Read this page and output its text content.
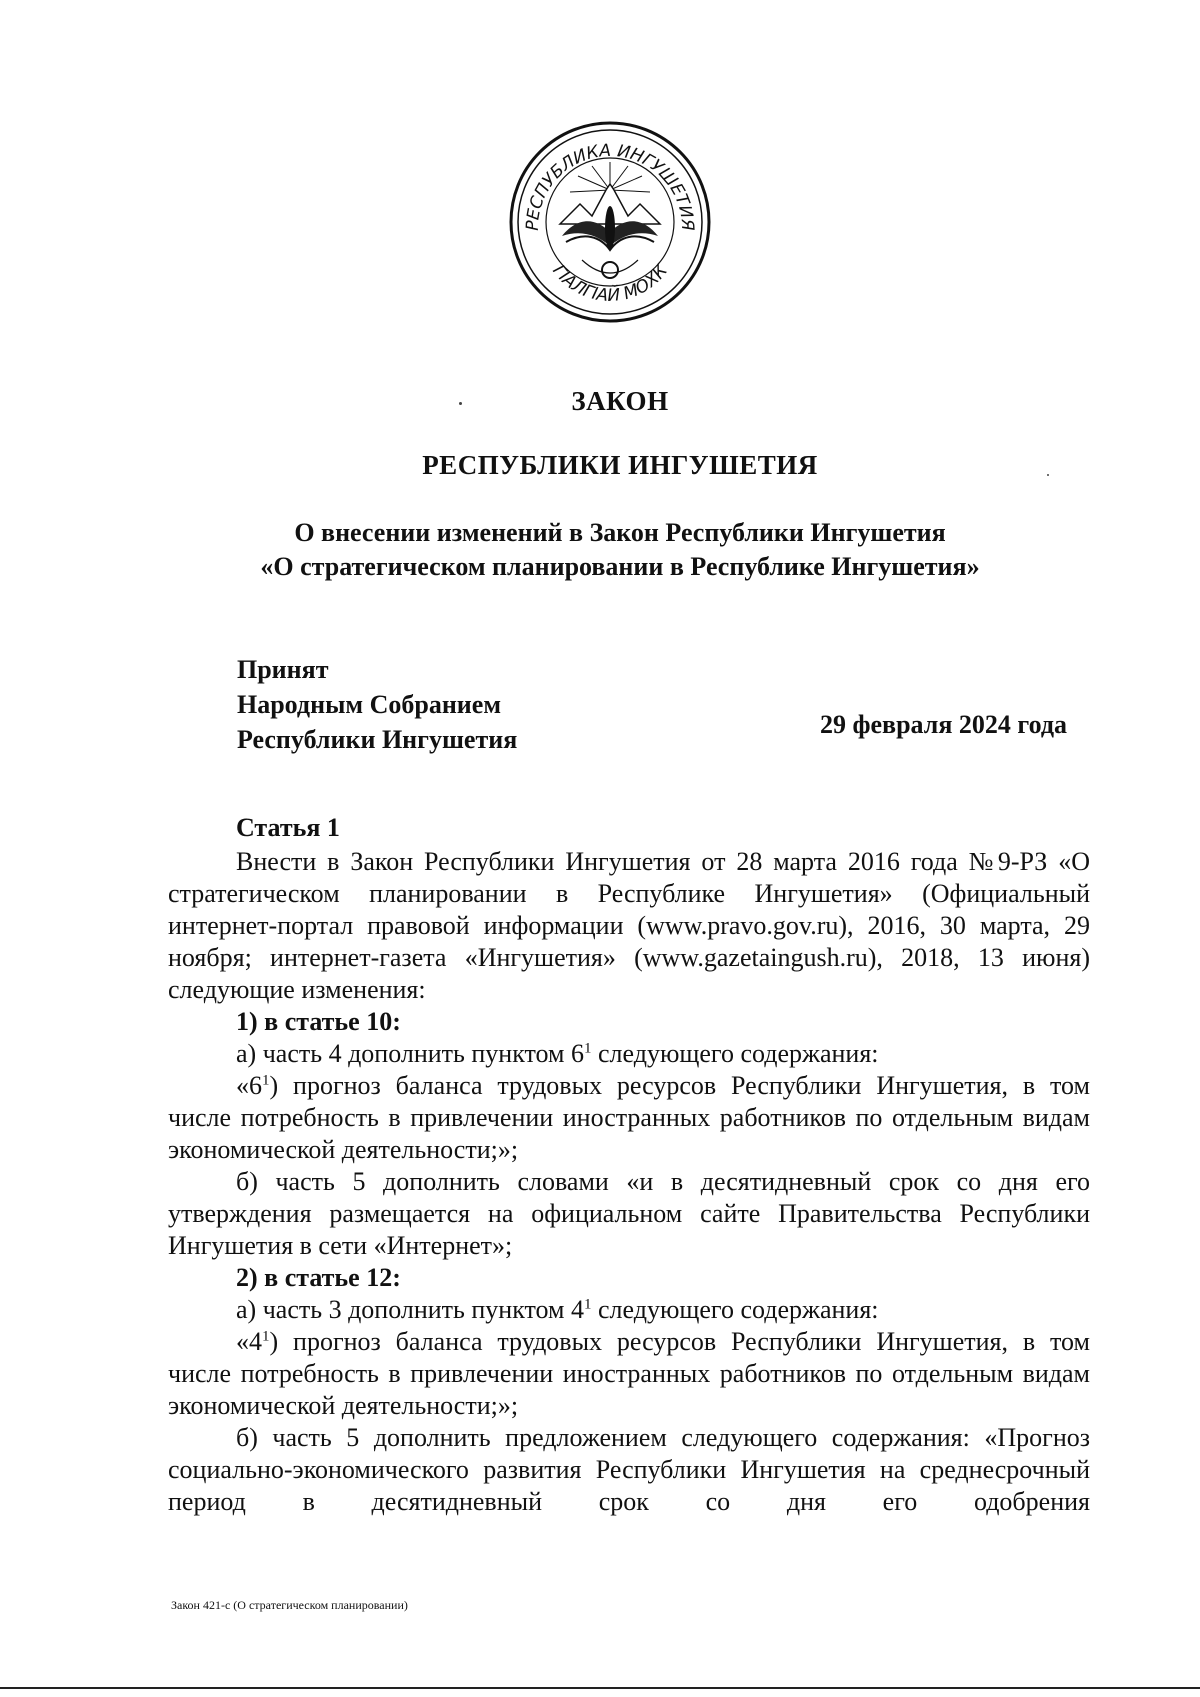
РЕСПУБЛИКА ИНГУШЕТИЯ
ГIАЛГIАЙ МОХК
ЗАКОН
РЕСПУБЛИКИ ИНГУШЕТИЯ
О внесении изменений в Закон Республики Ингушетия
«О стратегическом планировании в Республике Ингушетия»
Принят
Народным Собранием
Республики Ингушетия
29 февраля 2024 года
Статья 1

Внести в Закон Республики Ингушетия от 28 марта 2016 года №9-РЗ «О стратегическом планировании в Республике Ингушетия» (Официальный интернет-портал правовой информации (www.pravo.gov.ru), 2016, 30 марта, 29 ноября; интернет-газета «Ингушетия» (www.gazetaingush.ru), 2018, 13 июня) следующие изменения:

1) в статье 10:

а) часть 4 дополнить пунктом $6^1$ следующего содержания:

«$6^1$) прогноз баланса трудовых ресурсов Республики Ингушетия, в том числе потребность в привлечении иностранных работников по отдельным видам экономической деятельности;»;

б) часть 5 дополнить словами «и в десятидневный срок со дня его утверждения размещается на официальном сайте Правительства Республики Ингушетия в сети «Интернет»;

2) в статье 12:

а) часть 3 дополнить пунктом $4^1$ следующего содержания:

«$4^1$) прогноз баланса трудовых ресурсов Республики Ингушетия, в том числе потребность в привлечении иностранных работников по отдельным видам экономической деятельности;»;

б) часть 5 дополнить предложением следующего содержания: «Прогноз социально-экономического развития Республики Ингушетия на среднесрочный период в десятидневный срок со дня его одобрения

Закон 421-с (О стратегическом планировании)
